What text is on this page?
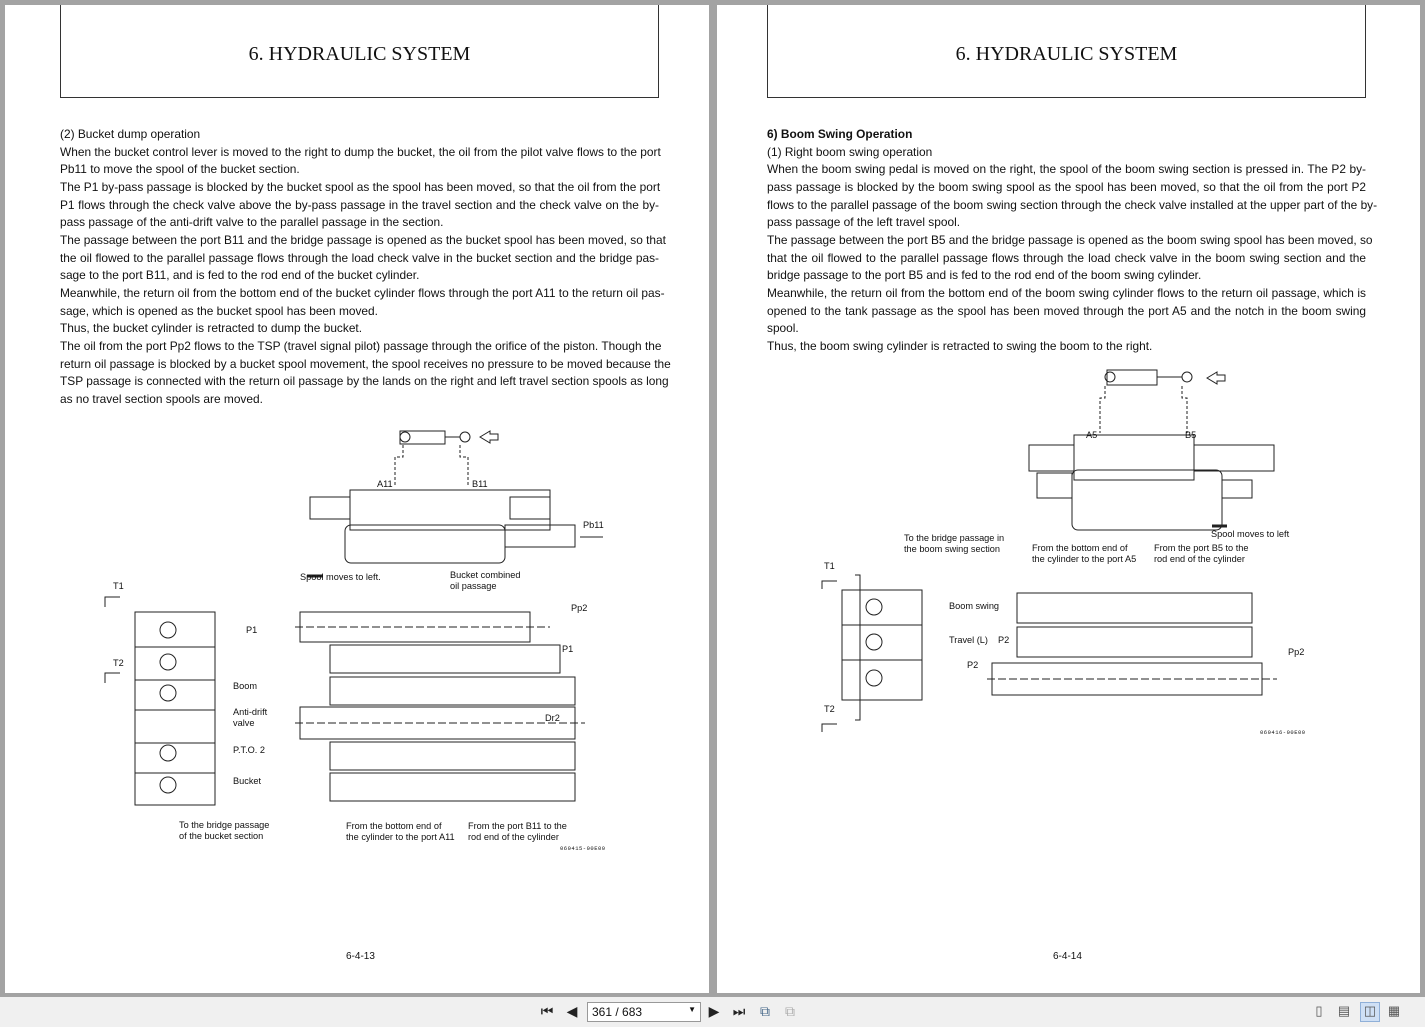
6. HYDRAULIC SYSTEM
(2) Bucket dump operation
When the bucket control lever is moved to the right to dump the bucket, the oil from the pilot valve flows to the port
Pb11 to move the spool of the bucket section.
The P1 by-pass passage is blocked by the bucket spool as the spool has been moved, so that the oil from the port
P1 flows through the check valve above the by-pass passage in the travel section and the check valve on the by-
pass passage of the anti-drift valve to the parallel passage in the section.
The passage between the port B11 and the bridge passage is opened as the bucket spool has been moved, so that
the oil flowed to the parallel passage flows through the load check valve in the bucket section and the bridge pas-
sage to the port B11, and is fed to the rod end of the bucket cylinder.
Meanwhile, the return oil from the bottom end of the bucket cylinder flows through the port A11 to the return oil pas-
sage, which is opened as the bucket spool has been moved.
Thus, the bucket cylinder is retracted to dump the bucket.
The oil from the port Pp2 flows to the TSP (travel signal pilot) passage through the orifice of the piston. Though the
return oil passage is blocked by a bucket spool movement, the spool receives no pressure to be moved because the
TSP passage is connected with the return oil passage by the lands on the right and left travel section spools as long
as no travel section spools are moved.
A11	B11
Pb11
Spool moves to left.	Bucket combined
oil passage
T1
P1
T2
Boom
Anti-drift
valve
P.T.O. 2
Bucket
To the bridge passage
of the bucket section
Pp2
P1
Dr2
From the bottom end of
the cylinder to the port A11
From the port B11 to the
rod end of the cylinder
060415-00E00
6-4-13
6. HYDRAULIC SYSTEM
6) Boom Swing Operation
(1) Right boom swing operation
When the boom swing pedal is moved on the right, the spool of the boom swing section is pressed in. The P2 by-
pass passage is blocked by the boom swing spool as the spool has been moved, so that the oil from the port P2
flows to the parallel passage of the boom swing section through the check valve installed at the upper part of the by-
pass passage of the left travel spool.
The passage between the port B5 and the bridge passage is opened as the boom swing spool has been moved, so
that the oil flowed to the parallel passage flows through the load check valve in the boom swing section and the
bridge passage to the port B5 and is fed to the rod end of the boom swing cylinder.
Meanwhile, the return oil from the bottom end of the boom swing cylinder flows to the return oil passage, which is
opened to the tank passage as the spool has been moved through the port A5 and the notch in the boom swing
spool.
Thus, the boom swing cylinder is retracted to swing the boom to the right.
A5	B5
Spool moves to left
To the bridge passage in
the boom swing section	From the bottom end of
the cylinder to the port A5
From the port B5 to the
rod end of the cylinder
T1
Boom swing
Travel (L) P2
P2
Pp2
T2
060416-00E00
6-4-14
⏮ ◀	361 / 683	▼ ▶ ⏭ ⧉ ⧉	▯	▤ ◫ ▦
